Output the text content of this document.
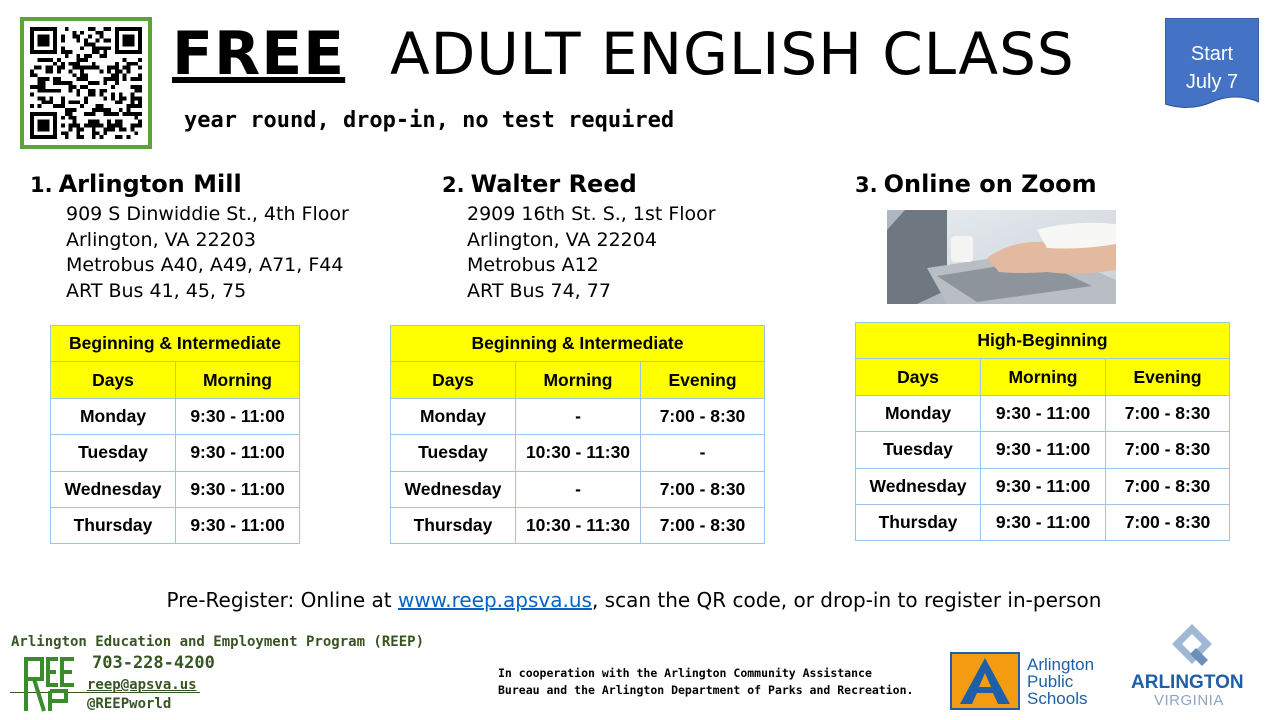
FREE ADULT ENGLISH CLASS
year round, drop-in, no test required
Start
July 7
1. Arlington Mill
909 S Dinwiddie St., 4th Floor
Arlington, VA 22203
Metrobus A40, A49, A71, F44
ART Bus 41, 45, 75
2. Walter Reed
2909 16th St. S., 1st Floor
Arlington, VA 22204
Metrobus A12
ART Bus 74, 77
3. Online on Zoom
Beginning & Intermediate	
Days	Morning
Monday	9:30 - 11:00
Tuesday	9:30 - 11:00
Wednesday	9:30 - 11:00
Thursday	9:30 - 11:00
Beginning & Intermediate		
Days	Morning	Evening
Monday	-	7:00 - 8:30
Tuesday	10:30 - 11:30	-
Wednesday	-	7:00 - 8:30
Thursday	10:30 - 11:30	7:00 - 8:30
High-Beginning		
Days	Morning	Evening
Monday	9:30 - 11:00	7:00 - 8:30
Tuesday	9:30 - 11:00	7:00 - 8:30
Wednesday	9:30 - 11:00	7:00 - 8:30
Thursday	9:30 - 11:00	7:00 - 8:30
Pre-Register: Online at www.reep.apsva.us, scan the QR code, or drop-in to register in-person
Arlington Education and Employment Program (REEP)
703-228-4200
reep@apsva.us
@REEPworld
In cooperation with the Arlington Community Assistance
Bureau and the Arlington Department of Parks and Recreation.
Arlington
Public
Schools
ARLINGTON
VIRGINIA
